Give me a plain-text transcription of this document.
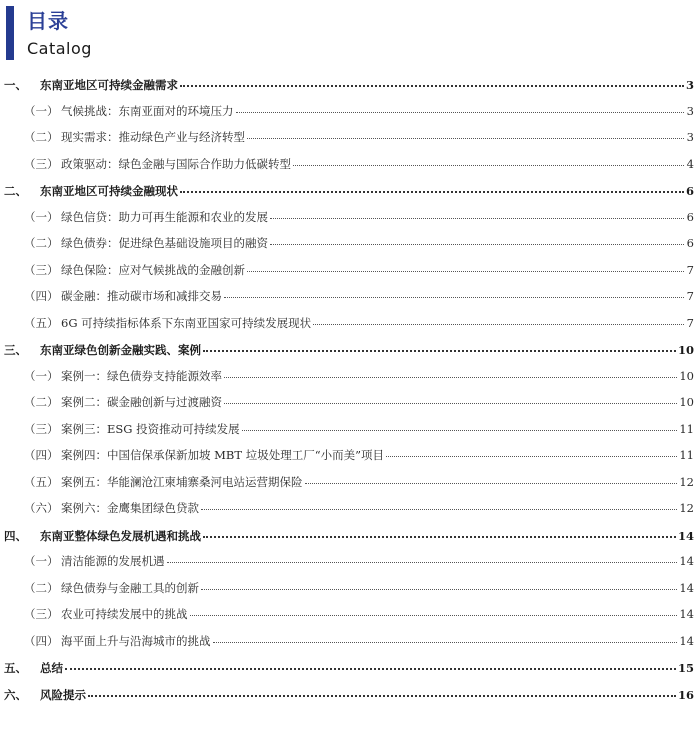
目录
Catalog
一、	东南亚地区可持续金融需求	3
（一） 气候挑战：东南亚面对的环境压力	3
（二） 现实需求：推动绿色产业与经济转型	3
（三） 政策驱动：绿色金融与国际合作助力低碳转型	4
二、	东南亚地区可持续金融现状	6
（一） 绿色信贷：助力可再生能源和农业的发展	6
（二） 绿色债券：促进绿色基础设施项目的融资	6
（三） 绿色保险：应对气候挑战的金融创新	7
（四） 碳金融：推动碳市场和减排交易	7
（五） 6G 可持续指标体系下东南亚国家可持续发展现状	7
三、	东南亚绿色创新金融实践、案例	10
（一） 案例一：绿色债券支持能源效率	10
（二） 案例二：碳金融创新与过渡融资	10
（三） 案例三：ESG 投资推动可持续发展	11
（四） 案例四：中国信保承保新加坡 MBT 垃圾处理工厂“小而美”项目	11
（五） 案例五：华能澜沧江柬埔寨桑河电站运营期保险	12
（六） 案例六：金鹰集团绿色贷款	12
四、	东南亚整体绿色发展机遇和挑战	14
（一） 清洁能源的发展机遇	14
（二） 绿色债券与金融工具的创新	14
（三） 农业可持续发展中的挑战	14
（四） 海平面上升与沿海城市的挑战	14
五、	总结	15
六、	风险提示	16
